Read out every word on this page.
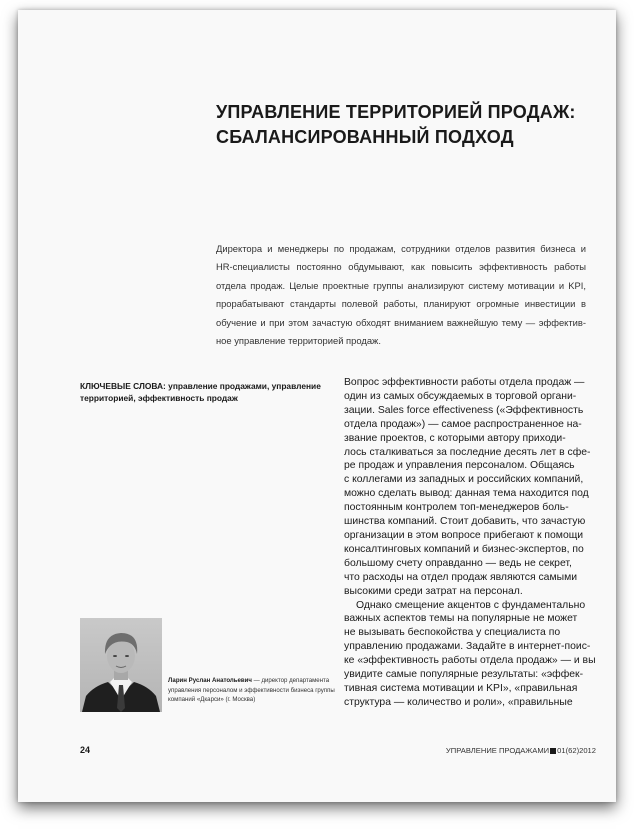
УПРАВЛЕНИЕ ТЕРРИТОРИЕЙ ПРОДАЖ:
СБАЛАНСИРОВАННЫЙ ПОДХОД
Директора и менеджеры по продажам, сотрудники отделов развития бизнеса и
HR-специалисты постоянно обдумывают, как повысить эффективность работы
отдела продаж. Целые проектные группы анализируют систему мотивации и KPI,
прорабатывают стандарты полевой работы, планируют огромные инвестиции в
обучение и при этом зачастую обходят вниманием важнейшую тему — эффектив-
ное управление территорией продаж.
КЛЮЧЕВЫЕ СЛОВА: управление продажами, управление
территорией, эффективность продаж
Вопрос эффективности работы отдела продаж —
один из самых обсуждаемых в торговой органи-
зации. Sales force effectiveness («Эффективность
отдела продаж») — самое распространенное на-
звание проектов, с которыми автору приходи-
лось сталкиваться за последние десять лет в сфе-
ре продаж и управления персоналом. Общаясь
с коллегами из западных и российских компаний,
можно сделать вывод: данная тема находится под
постоянным контролем топ-менеджеров боль-
шинства компаний. Стоит добавить, что зачастую
организации в этом вопросе прибегают к помощи
консалтинговых компаний и бизнес-экспертов, по
большому счету оправданно — ведь не секрет,
что расходы на отдел продаж являются самыми
высокими среди затрат на персонал.
Однако смещение акцентов с фундаментально
важных аспектов темы на популярные не может
не вызывать беспокойства у специалиста по
управлению продажами. Задайте в интернет-поис-
ке «эффективность работы отдела продаж» — и вы
увидите самые популярные результаты: «эффек-
тивная система мотивации и KPI», «правильная
структура — количество и роли», «правильные
Ларин Руслан Анатольевич — директор департамента
управления персоналом и эффективности бизнеса группы
компаний «Дкарси» (г. Москва)
24	УПРАВЛЕНИЕ ПРОДАЖАМИ 01(62)2012
